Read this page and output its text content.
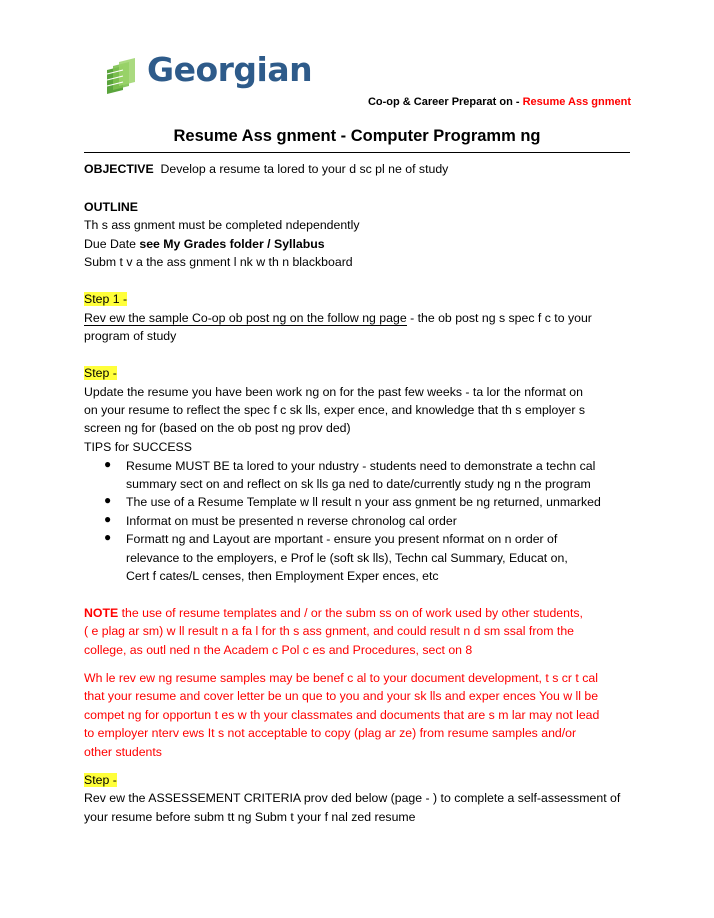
Georgian
Co-op & Career Preparat on - Resume Ass gnment
Resume Ass gnment - Computer Programm ng
OBJECTIVE Develop a resume ta lored to your d sc pl ne of study
OUTLINE
Th s ass gnment must be completed ndependently
Due Date see My Grades folder / Syllabus
Subm t v a the ass gnment l nk w th n blackboard
Step 1 -
Rev ew the sample Co-op ob post ng on the follow ng page - the ob post ng s spec f c to your
program of study
Step -
Update the resume you have been work ng on for the past few weeks - ta lor the nformat on
on your resume to reflect the spec f c sk lls, exper ence, and knowledge that th s employer s
screen ng for (based on the ob post ng prov ded)
TIPS for SUCCESS
● Resume MUST BE ta lored to your ndustry - students need to demonstrate a techn cal
summary sect on and reflect on sk lls ga ned to date/currently study ng n the program
● The use of a Resume Template w ll result n your ass gnment be ng returned, unmarked
● Informat on must be presented n reverse chronolog cal order
● Formatt ng and Layout are mportant - ensure you present nformat on n order of
relevance to the employers, e Prof le (soft sk lls), Techn cal Summary, Educat on,
Cert f cates/L censes, then Employment Exper ences, etc
NOTE the use of resume templates and / or the subm ss on of work used by other students,
( e plag ar sm) w ll result n a fa l for th s ass gnment, and could result n d sm ssal from the
college, as outl ned n the Academ c Pol c es and Procedures, sect on 8
Wh le rev ew ng resume samples may be benef c al to your document development, t s cr t cal
that your resume and cover letter be un que to you and your sk lls and exper ences You w ll be
compet ng for opportun t es w th your classmates and documents that are s m lar may not lead
to employer nterv ews It s not acceptable to copy (plag ar ze) from resume samples and/or
other students
Step -
Rev ew the ASSESSEMENT CRITERIA prov ded below (page - ) to complete a self-assessment of
your resume before subm tt ng Subm t your f nal zed resume
